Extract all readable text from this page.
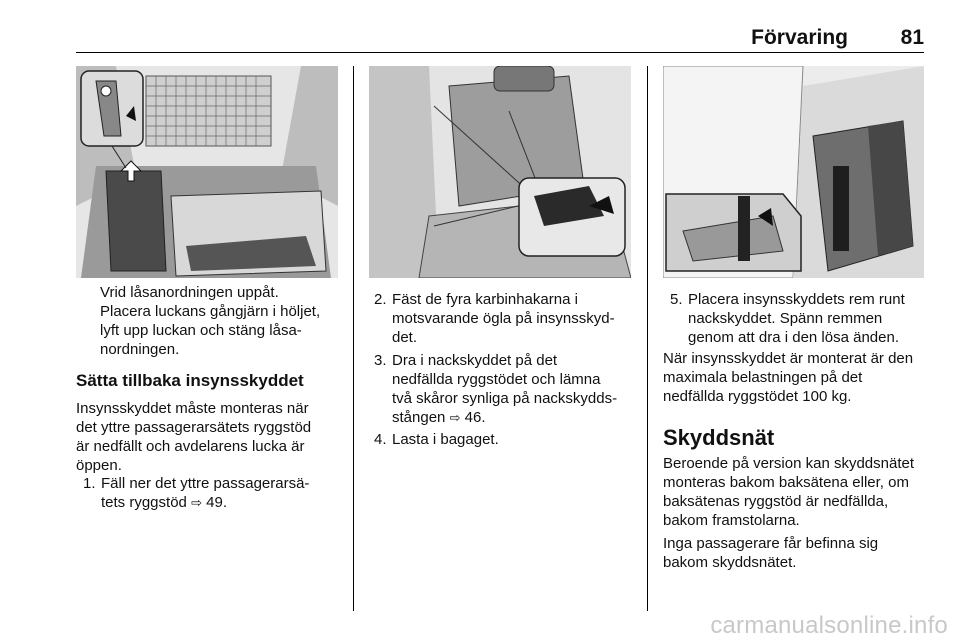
Förvaring	81
Vrid låsanordningen uppåt.
Placera luckans gångjärn i höljet,
lyft upp luckan och stäng låsa-
nordningen.
Sätta tillbaka insynsskyddet
Insynsskyddet måste monteras när
det yttre passagerarsätets ryggstöd
är nedfällt och avdelarens lucka är
öppen.
1. Fäll ner det yttre passagerarsä-
tets ryggstöd ⇨ 49.
2. Fäst de fyra karbinhakarna i
motsvarande ögla på insynsskyd-
det.
3. Dra i nackskyddet på det
nedfällda ryggstödet och lämna
två skåror synliga på nackskydds-
stången ⇨ 46.
4. Lasta i bagaget.
5. Placera insynsskyddets rem runt
nackskyddet. Spänn remmen
genom att dra i den lösa änden.
När insynsskyddet är monterat är den
maximala belastningen på det
nedfällda ryggstödet 100 kg.
Skyddsnät
Beroende på version kan skyddsnätet
monteras bakom baksätena eller, om
baksätenas ryggstöd är nedfällda,
bakom framstolarna.
Inga passagerare får befinna sig
bakom skyddsnätet.
carmanualsonline.info
